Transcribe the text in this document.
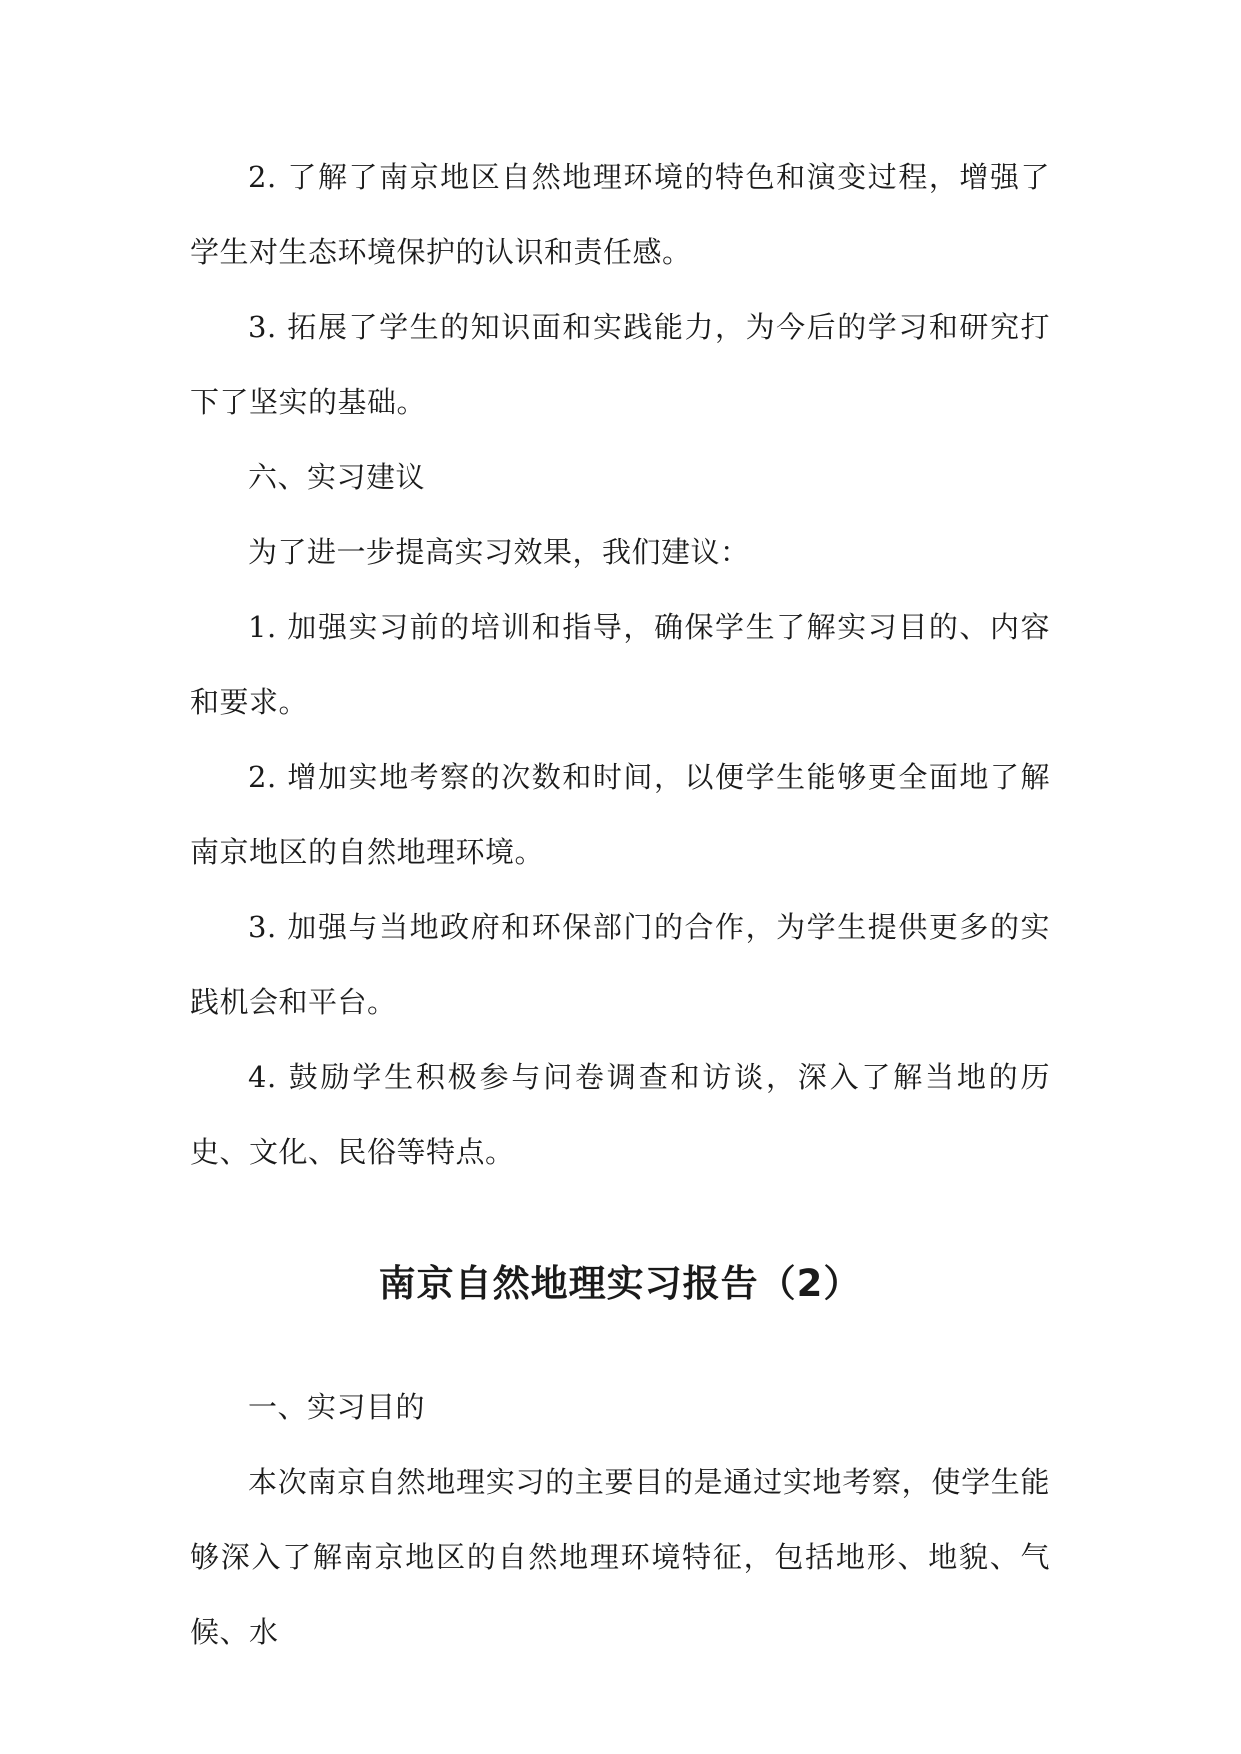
2. 了解了南京地区自然地理环境的特色和演变过程，增强了学生对生态环境保护的认识和责任感。

3. 拓展了学生的知识面和实践能力，为今后的学习和研究打下了坚实的基础。

六、实习建议

为了进一步提高实习效果，我们建议：

1. 加强实习前的培训和指导，确保学生了解实习目的、内容和要求。

2. 增加实地考察的次数和时间，以便学生能够更全面地了解南京地区的自然地理环境。

3. 加强与当地政府和环保部门的合作，为学生提供更多的实践机会和平台。

4. 鼓励学生积极参与问卷调查和访谈，深入了解当地的历史、文化、民俗等特点。

南京自然地理实习报告（2）

一、实习目的

本次南京自然地理实习的主要目的是通过实地考察，使学生能够深入了解南京地区的自然地理环境特征，包括地形、地貌、气候、水
